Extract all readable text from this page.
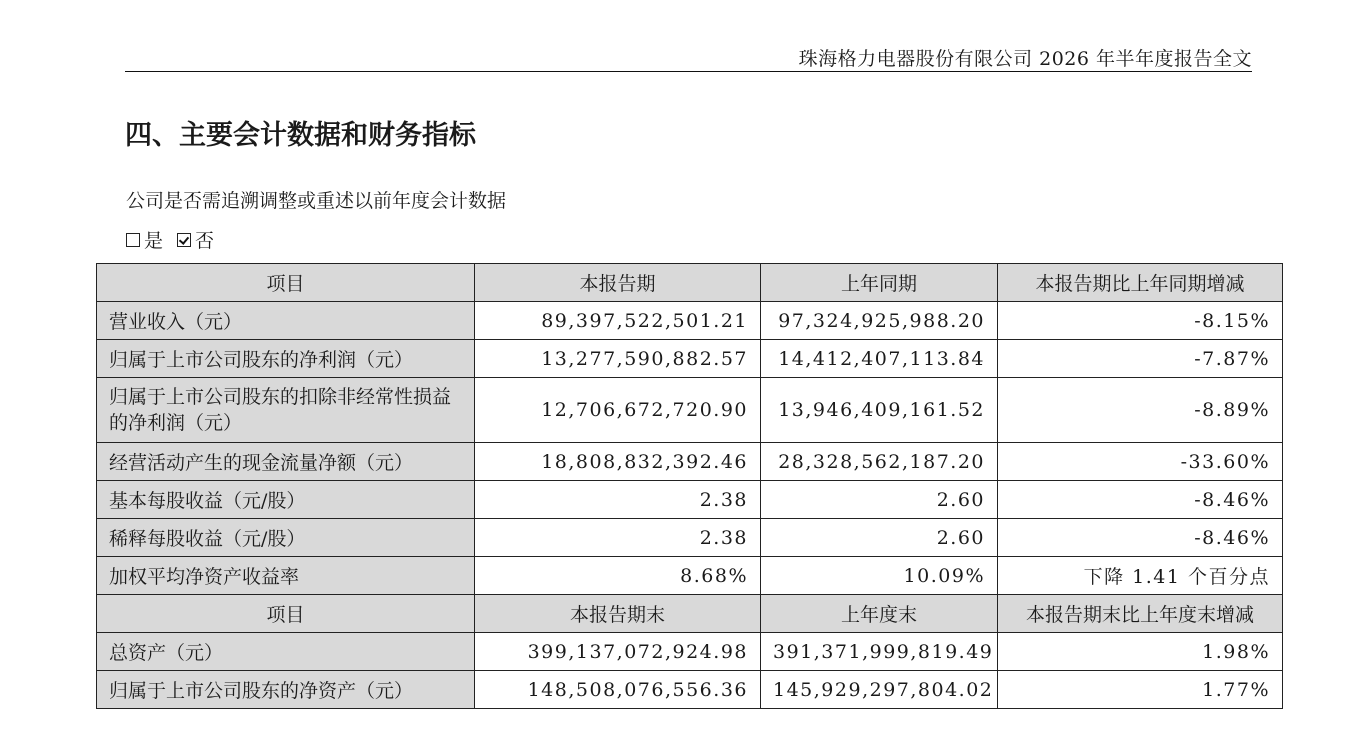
珠海格力电器股份有限公司 2026 年半年度报告全文
四、主要会计数据和财务指标
公司是否需追溯调整或重述以前年度会计数据
是 否
项目	本报告期	上年同期	本报告期比上年同期增减
营业收入（元）	89,397,522,501.21	97,324,925,988.20	-8.15%
归属于上市公司股东的净利润（元）	13,277,590,882.57	14,412,407,113.84	-7.87%
归属于上市公司股东的扣除非经常性损益的净利润（元）	12,706,672,720.90	13,946,409,161.52	-8.89%
经营活动产生的现金流量净额（元）	18,808,832,392.46	28,328,562,187.20	-33.60%
基本每股收益（元/股）	2.38	2.60	-8.46%
稀释每股收益（元/股）	2.38	2.60	-8.46%
加权平均净资产收益率	8.68%	10.09%	下降 1.41 个百分点
项目	本报告期末	上年度末	本报告期末比上年度末增减
总资产（元）	399,137,072,924.98	391,371,999,819.49	1.98%
归属于上市公司股东的净资产（元）	148,508,076,556.36	145,929,297,804.02	1.77%
